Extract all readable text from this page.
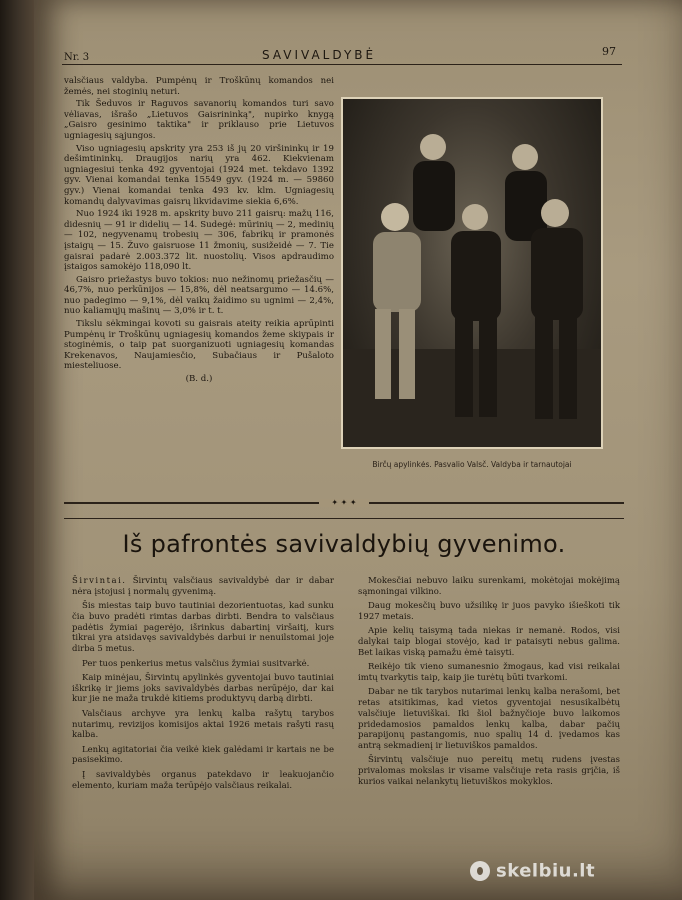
Nr. 3	SAVIVALDYBĖ	97

valsčiaus valdyba. Pumpėnų ir Troškūnų komandos nei žemės, nei stoginių neturi.

Tik Šeduvos ir Raguvos savanorių komandos turi savo vėliavas, išrašo „Lietuvos Gaisrininką", nupirko knygą „Gaisro gesinimo taktika" ir priklauso prie Lietuvos ugniagesių sąjungos.

Viso ugniagesių apskrity yra 253 iš jų 20 viršininkų ir 19 dešimtininkų. Draugijos narių yra 462. Kiekvienam ugniagesiui tenka 492 gyventojai (1924 met. tekdavo 1392 gyv. Vienai komandai tenka 15549 gyv. (1924 m. — 59860 gyv.) Vienai komandai tenka 493 kv. klm. Ugniagesių komandų dalyvavimas gaisrų likvidavime siekia 6,6%.

Nuo 1924 iki 1928 m. apskrity buvo 211 gaisrų: mažų 116, didesnių — 91 ir didelių — 14. Sudegė: mūrinių — 2, medinių — 102, negyvenamų trobesių — 306, fabrikų ir pramonės įstaigų — 15. Žuvo gaisruose 11 žmonių, susižeidė — 7. Tie gaisrai padarė 2.003.372 lit. nuostolių. Visos apdraudimo įstaigos samokėjo 118,090 lt.

Gaisro priežastys buvo tokios: nuo nežinomų priežasčių — 46,7%, nuo perkūnijos — 15,8%, dėl neatsargumo — 14.6%, nuo padegimo — 9,1%, dėl vaikų žaidimo su ugnimi — 2,4%, nuo kaliamųjų mašinų — 3,0% ir t. t.

Tikslu sėkmingai kovoti su gaisrais ateity reikia aprūpinti Pumpėnų ir Troškūnų ugniagesių komandos žeme skiypais ir stoginėmis, o taip pat suorganizuoti ugniagesių komandas Krekenavos, Naujamiesčio, Subačiaus ir Pušaloto miesteliuose.

(B. d.)

Birčų apylinkės. Pasvalio Valsč. Valdyba ir tarnautojai
✦ ✦ ✦
Iš pafrontės savivaldybių gyvenimo.

Širvintai. Širvintų valsčiaus savivaldybė dar ir dabar nėra įstojusi į normalų gyvenimą.

Šis miestas taip buvo tautiniai dezorientuotas, kad sunku čia buvo pradėti rimtas darbas dirbti. Bendra to valsčiaus padėtis žymiai pagerėjo, išrinkus dabartinį viršaitį, kurs tikrai yra atsidavęs savivaldybės darbui ir nenuilstomai joje dirba 5 metus.

Per tuos penkerius metus valsčius žymiai susitvarkė.

Kaip minėjau, Širvintų apylinkės gyventojai buvo tautiniai iškrikę ir jiems joks savivaldybės darbas nerūpėjo, dar kai kur jie ne maža trukdė kitiems produktyvų darbą dirbti.

Valsčiaus archyve yra lenkų kalba rašytų tarybos nutarimų, revizijos komisijos aktai 1926 metais rašyti rasų kalba.

Lenkų agitatoriai čia veikė kiek galėdami ir kartais ne be pasisekimo.

Į savivaldybės organus patekdavo ir leakuojančio elemento, kuriam maža terūpėjo valsčiaus reikalai.

Mokesčiai nebuvo laiku surenkami, mokėtojai mokėjimą sąmoningai vilkino.

Daug mokesčių buvo užsilikę ir juos pavyko išieškoti tik 1927 metais.

Apie kelių taisymą tada niekas ir nemanė. Rodos, visi dalykai taip blogai stovėjo, kad ir pataisyti nebus galima. Bet laikas viską pamažu ėmė taisyti.

Reikėjo tik vieno sumanesnio žmogaus, kad visi reikalai imtų tvarkytis taip, kaip jie turėtų būti tvarkomi.

Dabar ne tik tarybos nutarimai lenkų kalba nerašomi, bet retas atsitikimas, kad vietos gyventojai nesusikalbėtų valsčiuje lietuviškai. Iki šiol bažnyčioje buvo laikomos pridedamosios pamaldos lenkų kalba, dabar pačių parapijonų pastangomis, nuo spalių 14 d. įvedamos kas antrą sekmadienį ir lietuviškos pamaldos.

Širvintų valsčiuje nuo pereitų metų rudens įvestas privalomas mokslas ir visame valsčiuje reta rasis grįčia, iš kurios vaikai nelankytų lietuviškos mokyklos.

skelbiu.lt
